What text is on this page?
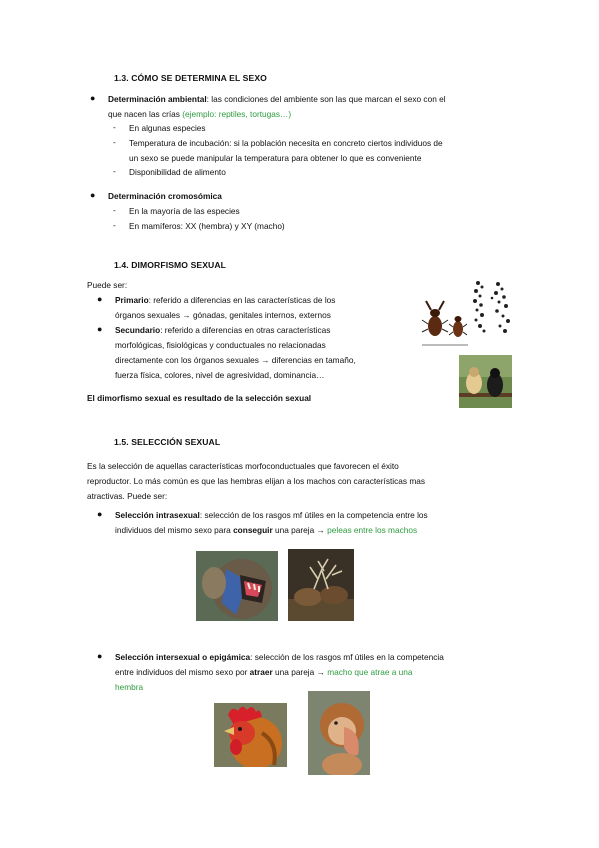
1.3. CÓMO SE DETERMINA EL SEXO
● Determinación ambiental: las condiciones del ambiente son las que marcan el sexo con el
que nacen las crías (ejemplo: reptiles, tortugas…)
- En algunas especies
- Temperatura de incubación: si la población necesita en concreto ciertos individuos de
un sexo se puede manipular la temperatura para obtener lo que es conveniente
- Disponibilidad de alimento
● Determinación cromosómica
- En la mayoría de las especies
- En mamíferos: XX (hembra) y XY (macho)
1.4. DIMORFISMO SEXUAL
Puede ser:
● Primario: referido a diferencias en las características de los
órganos sexuales → gónadas, genitales internos, externos
● Secundario: referido a diferencias en otras características
morfológicas, fisiológicas y conductuales no relacionadas
directamente con los órganos sexuales → diferencias en tamaño,
fuerza física, colores, nivel de agresividad, dominancia…
El dimorfismo sexual es resultado de la selección sexual
1.5. SELECCIÓN SEXUAL
Es la selección de aquellas características morfoconductuales que favorecen el éxito
reproductor. Lo más común es que las hembras elijan a los machos con características mas
atractivas. Puede ser:
● Selección intrasexual: selección de los rasgos mf útiles en la competencia entre los
individuos del mismo sexo para conseguir una pareja → peleas entre los machos
● Selección intersexual o epigámica: selección de los rasgos mf útiles en la competencia
entre individuos del mismo sexo por atraer una pareja → macho que atrae a una
hembra
